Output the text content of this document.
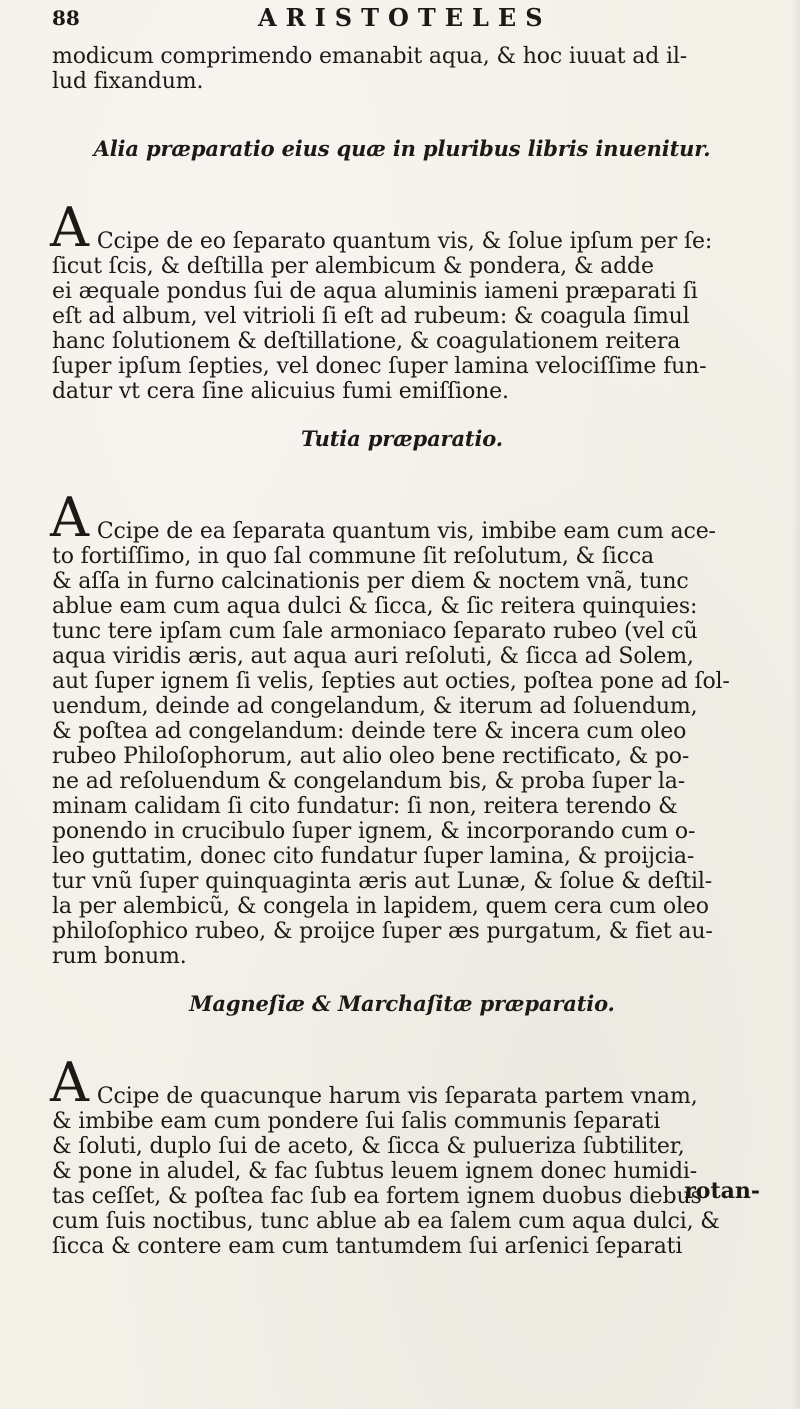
88	ARISTOTELES

modicum comprimendo emanabit aqua, & hoc iuuat ad il-
lud fixandum.

Alia præparatio eius quæ in pluribus libris inuenitur.

A Ccipe de eo ſeparato quantum vis, & ſolue ipſum per ſe:
ſicut ſcis, & deſtilla per alembicum & pondera, & adde
ei æquale pondus ſui de aqua aluminis iameni præparati ſi
eſt ad album, vel vitrioli ſi eſt ad rubeum: & coagula ſimul
hanc ſolutionem & deſtillatione, & coagulationem reitera
ſuper ipſum ſepties, vel donec ſuper lamina velociſſime fun-
datur vt cera ſine alicuius fumi emiſſione.

Tutia præparatio.

A Ccipe de ea ſeparata quantum vis, imbibe eam cum ace-
to fortiſſimo, in quo ſal commune ſit reſolutum, & ſicca
& aſſa in furno calcinationis per diem & noctem vnã, tunc
ablue eam cum aqua dulci & ſicca, & ſic reitera quinquies:
tunc tere ipſam cum ſale armoniaco ſeparato rubeo (vel cũ
aqua viridis æris, aut aqua auri reſoluti, & ſicca ad Solem,
aut ſuper ignem ſi velis, ſepties aut octies, poſtea pone ad ſol-
uendum, deinde ad congelandum, & iterum ad ſoluendum,
& poſtea ad congelandum: deinde tere & incera cum oleo
rubeo Philoſophorum, aut alio oleo bene rectificato, & po-
ne ad reſoluendum & congelandum bis, & proba ſuper la-
minam calidam ſi cito fundatur: ſi non, reitera terendo &
ponendo in crucibulo ſuper ignem, & incorporando cum o-
leo guttatim, donec cito fundatur ſuper lamina, & proijcia-
tur vnũ ſuper quinquaginta æris aut Lunæ, & ſolue & deſtil-
la per alembicũ, & congela in lapidem, quem cera cum oleo
philoſophico rubeo, & proijce ſuper æs purgatum, & fiet au-
rum bonum.

Magneſiæ & Marchaſitæ præparatio.

A Ccipe de quacunque harum vis ſeparata partem vnam,
& imbibe eam cum pondere ſui ſalis communis ſeparati
& ſoluti, duplo ſui de aceto, & ſicca & pulueriza ſubtiliter,
& pone in aludel, & fac ſubtus leuem ignem donec humidi-
tas ceſſet, & poſtea fac ſub ea fortem ignem duobus diebus
cum ſuis noctibus, tunc ablue ab ea ſalem cum aqua dulci, &
ſicca & contere eam cum tantumdem ſui arſenici ſeparati

rotan-
